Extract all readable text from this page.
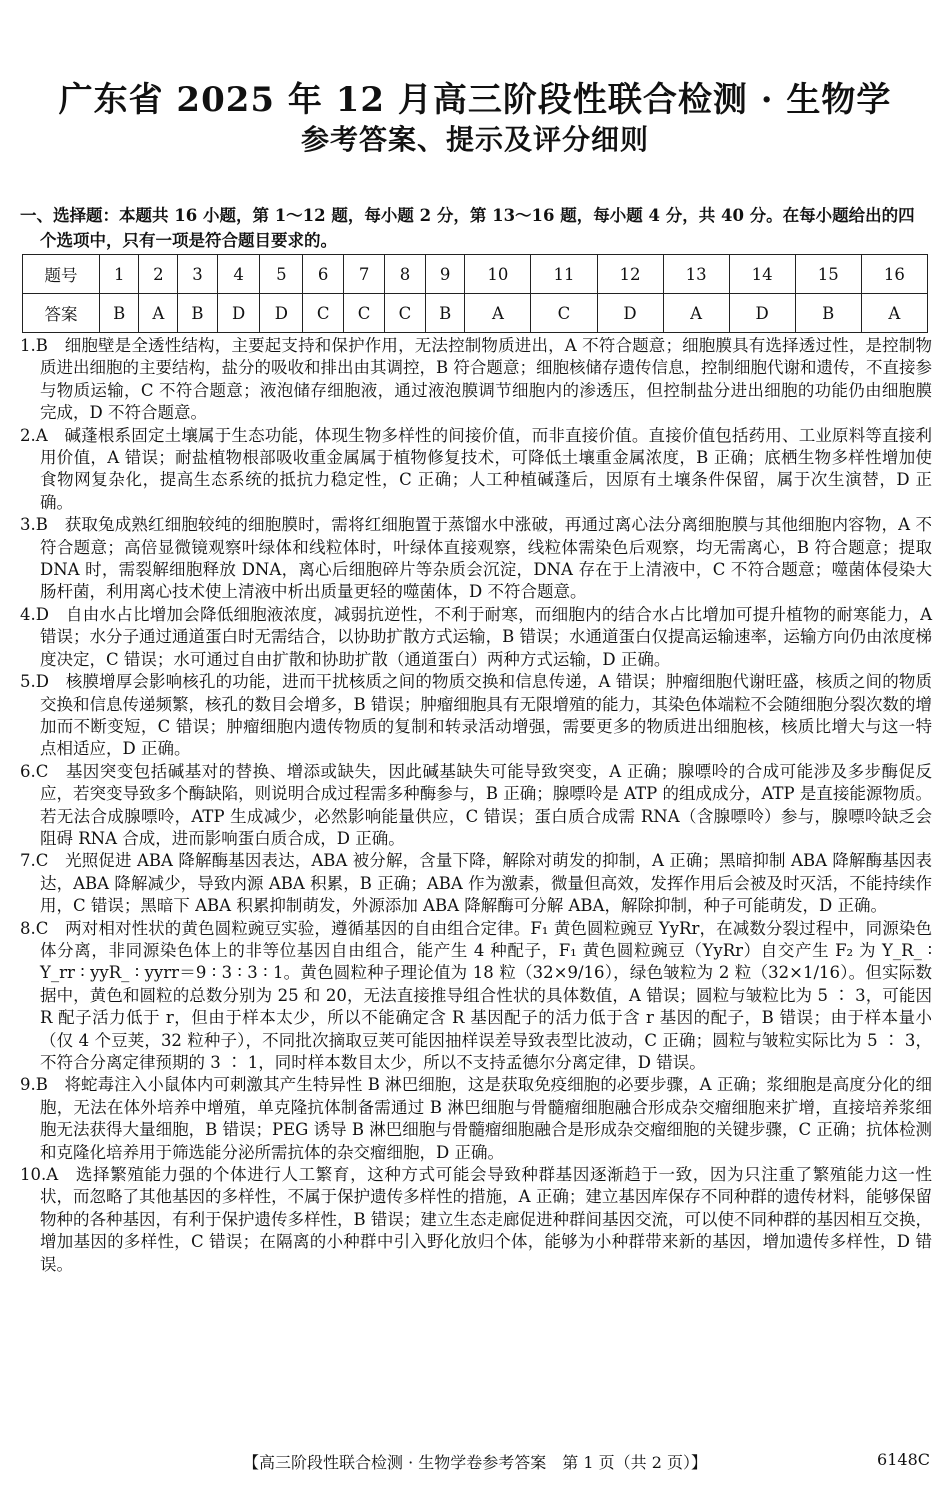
广东省 2025 年 12 月高三阶段性联合检测 · 生物学
参考答案、提示及评分细则
一、选择题：本题共 16 小题，第 1～12 题，每小题 2 分，第 13～16 题，每小题 4 分，共 40 分。在每小题给出的四
个选项中，只有一项是符合题目要求的。
题号	1	2	3	4	5	6	7	8	9	10	11	12	13	14	15	16
答案	B	A	B	D	D	C	C	C	B	A	C	D	A	D	B	A

1.B　细胞壁是全透性结构，主要起支持和保护作用，无法控制物质进出，A 不符合题意；细胞膜具有选择透过性，是控制物质进出细胞的主要结构，盐分的吸收和排出由其调控，B 符合题意；细胞核储存遗传信息，控制细胞代谢和遗传，不直接参与物质运输，C 不符合题意；液泡储存细胞液，通过液泡膜调节细胞内的渗透压，但控制盐分进出细胞的功能仍由细胞膜完成，D 不符合题意。

2.A　碱蓬根系固定土壤属于生态功能，体现生物多样性的间接价值，而非直接价值。直接价值包括药用、工业原料等直接利用价值，A 错误；耐盐植物根部吸收重金属属于植物修复技术，可降低土壤重金属浓度，B 正确；底栖生物多样性增加使食物网复杂化，提高生态系统的抵抗力稳定性，C 正确；人工种植碱蓬后，因原有土壤条件保留，属于次生演替，D 正确。

3.B　获取兔成熟红细胞较纯的细胞膜时，需将红细胞置于蒸馏水中涨破，再通过离心法分离细胞膜与其他细胞内容物，A 不符合题意；高倍显微镜观察叶绿体和线粒体时，叶绿体直接观察，线粒体需染色后观察，均无需离心，B 符合题意；提取 DNA 时，需裂解细胞释放 DNA，离心后细胞碎片等杂质会沉淀，DNA 存在于上清液中，C 不符合题意；噬菌体侵染大肠杆菌，利用离心技术使上清液中析出质量更轻的噬菌体，D 不符合题意。

4.D　自由水占比增加会降低细胞液浓度，减弱抗逆性，不利于耐寒，而细胞内的结合水占比增加可提升植物的耐寒能力，A 错误；水分子通过通道蛋白时无需结合，以协助扩散方式运输，B 错误；水通道蛋白仅提高运输速率，运输方向仍由浓度梯度决定，C 错误；水可通过自由扩散和协助扩散（通道蛋白）两种方式运输，D 正确。

5.D　核膜增厚会影响核孔的功能，进而干扰核质之间的物质交换和信息传递，A 错误；肿瘤细胞代谢旺盛，核质之间的物质交换和信息传递频繁，核孔的数目会增多，B 错误；肿瘤细胞具有无限增殖的能力，其染色体端粒不会随细胞分裂次数的增加而不断变短，C 错误；肿瘤细胞内遗传物质的复制和转录活动增强，需要更多的物质进出细胞核，核质比增大与这一特点相适应，D 正确。

6.C　基因突变包括碱基对的替换、增添或缺失，因此碱基缺失可能导致突变，A 正确；腺嘌呤的合成可能涉及多步酶促反应，若突变导致多个酶缺陷，则说明合成过程需多种酶参与，B 正确；腺嘌呤是 ATP 的组成成分，ATP 是直接能源物质。若无法合成腺嘌呤，ATP 生成减少，必然影响能量供应，C 错误；蛋白质合成需 RNA（含腺嘌呤）参与，腺嘌呤缺乏会阻碍 RNA 合成，进而影响蛋白质合成，D 正确。

7.C　光照促进 ABA 降解酶基因表达，ABA 被分解，含量下降，解除对萌发的抑制，A 正确；黑暗抑制 ABA 降解酶基因表达，ABA 降解减少，导致内源 ABA 积累，B 正确；ABA 作为激素，微量但高效，发挥作用后会被及时灭活，不能持续作用，C 错误；黑暗下 ABA 积累抑制萌发，外源添加 ABA 降解酶可分解 ABA，解除抑制，种子可能萌发，D 正确。

8.C　两对相对性状的黄色圆粒豌豆实验，遵循基因的自由组合定律。F₁ 黄色圆粒豌豆 YyRr，在减数分裂过程中，同源染色体分离，非同源染色体上的非等位基因自由组合，能产生 4 种配子，F₁ 黄色圆粒豌豆（YyRr）自交产生 F₂ 为 Y_R_ ∶ Y_rr ∶ yyR_ ∶ yyrr＝9 ∶ 3 ∶ 3 ∶ 1。黄色圆粒种子理论值为 18 粒（32×9/16），绿色皱粒为 2 粒（32×1/16）。但实际数据中，黄色和圆粒的总数分别为 25 和 20，无法直接推导组合性状的具体数值，A 错误；圆粒与皱粒比为 5 ∶ 3，可能因 R 配子活力低于 r，但由于样本太少，所以不能确定含 R 基因配子的活力低于含 r 基因的配子，B 错误；由于样本量小（仅 4 个豆荚，32 粒种子），不同批次摘取豆荚可能因抽样误差导致表型比波动，C 正确；圆粒与皱粒实际比为 5 ∶ 3，不符合分离定律预期的 3 ∶ 1，同时样本数目太少，所以不支持孟德尔分离定律，D 错误。

9.B　将蛇毒注入小鼠体内可刺激其产生特异性 B 淋巴细胞，这是获取免疫细胞的必要步骤，A 正确；浆细胞是高度分化的细胞，无法在体外培养中增殖，单克隆抗体制备需通过 B 淋巴细胞与骨髓瘤细胞融合形成杂交瘤细胞来扩增，直接培养浆细胞无法获得大量细胞，B 错误；PEG 诱导 B 淋巴细胞与骨髓瘤细胞融合是形成杂交瘤细胞的关键步骤，C 正确；抗体检测和克隆化培养用于筛选能分泌所需抗体的杂交瘤细胞，D 正确。

10.A　选择繁殖能力强的个体进行人工繁育，这种方式可能会导致种群基因逐渐趋于一致，因为只注重了繁殖能力这一性状，而忽略了其他基因的多样性，不属于保护遗传多样性的措施，A 正确；建立基因库保存不同种群的遗传材料，能够保留物种的各种基因，有利于保护遗传多样性，B 错误；建立生态走廊促进种群间基因交流，可以使不同种群的基因相互交换，增加基因的多样性，C 错误；在隔离的小种群中引入野化放归个体，能够为小种群带来新的基因，增加遗传多样性，D 错误。

【高三阶段性联合检测 · 生物学卷参考答案　第 1 页（共 2 页）】	6148C
